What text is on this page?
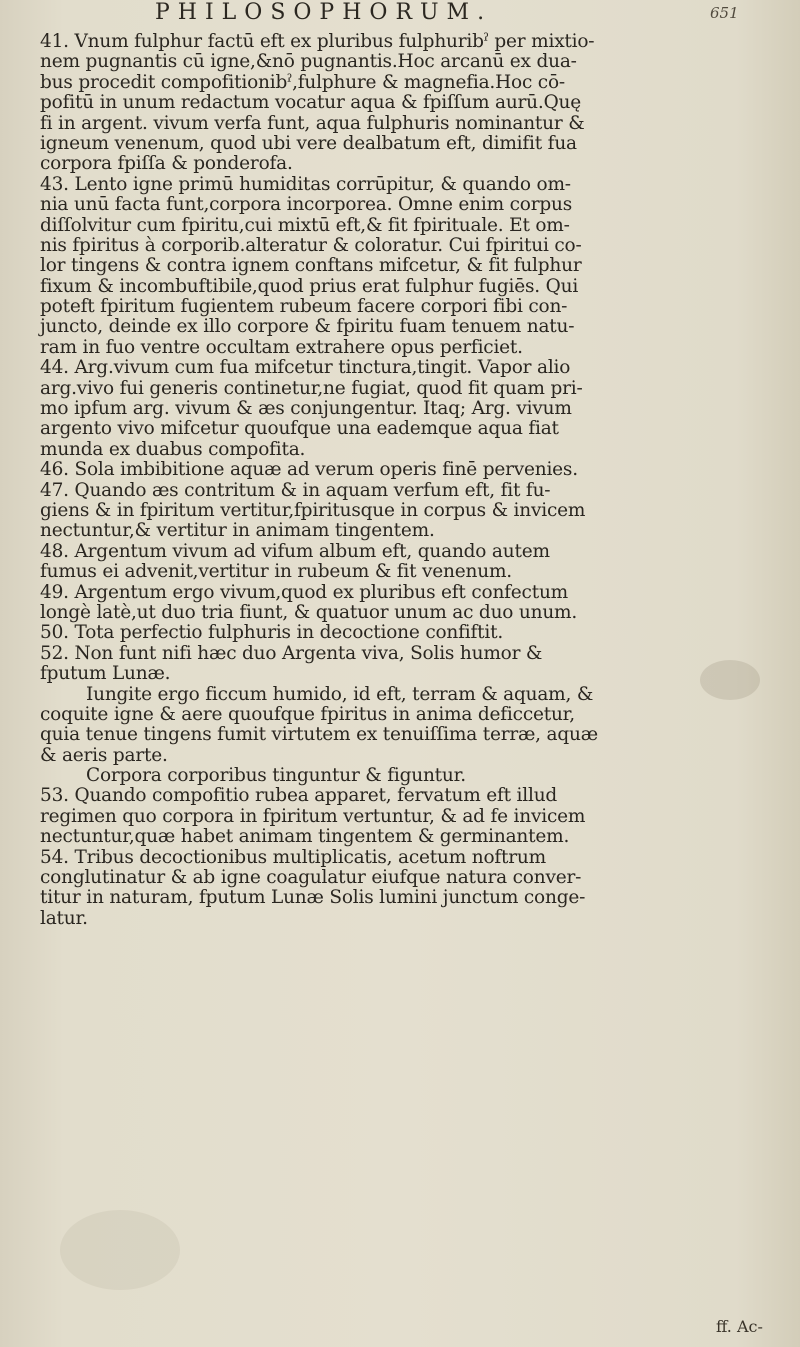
PHILOSOPHORUM.	651
41. Vnum fulphur factū eft ex pluribus fulphuribˀ per mixtio-
nem pugnantis cū igne,&nō pugnantis.Hoc arcanū ex dua-
bus procedit compofitionibˀ,fulphure & magnefia.Hoc cō-
pofitū in unum redactum vocatur aqua & fpiſſum aurū.Quę
fi in argent. vivum verfa funt, aqua fulphuris nominantur &
igneum venenum, quod ubi vere dealbatum eft, dimifit fua
corpora fpiſſa & ponderofa.
43. Lento igne primū humiditas corrūpitur, & quando om-
nia unū facta funt,corpora incorporea. Omne enim corpus
diſſolvitur cum fpiritu,cui mixtū eft,& fit fpirituale. Et om-
nis fpiritus à corporib.alteratur & coloratur. Cui fpiritui co-
lor tingens & contra ignem conftans mifcetur, & fit fulphur
fixum & incombuftibile,quod prius erat fulphur fugiēs. Qui
poteft fpiritum fugientem rubeum facere corpori fibi con-
juncto, deinde ex illo corpore & fpiritu fuam tenuem natu-
ram in fuo ventre occultam extrahere opus perficiet.
44. Arg.vivum cum fua mifcetur tinctura,tingit. Vapor alio
arg.vivo fui generis continetur,ne fugiat, quod fit quam pri-
mo ipfum arg. vivum & æs conjungentur. Itaq; Arg. vivum
argento vivo mifcetur quoufque una eademque aqua fiat
munda ex duabus compofita.
46. Sola imbibitione aquæ ad verum operis finē pervenies.
47. Quando æs contritum & in aquam verfum eft, fit fu-
giens & in fpiritum vertitur,fpiritusque in corpus & invicem
nectuntur,& vertitur in animam tingentem.
48. Argentum vivum ad vifum album eft, quando autem
fumus ei advenit,vertitur in rubeum & fit venenum.
49. Argentum ergo vivum,quod ex pluribus eft confectum
longè latè,ut duo tria fiunt, & quatuor unum ac duo unum.
50. Tota perfectio fulphuris in decoctione confiftit.
52. Non funt nifi hæc duo Argenta viva, Solis humor &
fputum Lunæ.
Iungite ergo ficcum humido, id eft, terram & aquam, &
coquite igne & aere quoufque fpiritus in anima deficcetur,
quia tenue tingens fumit virtutem ex tenuiſſima terræ, aquæ
& aeris parte.
Corpora corporibus tinguntur & figuntur.
53. Quando compofitio rubea apparet, fervatum eft illud
regimen quo corpora in fpiritum vertuntur, & ad fe invicem
nectuntur,quæ habet animam tingentem & germinantem.
54. Tribus decoctionibus multiplicatis, acetum noftrum
conglutinatur & ab igne coagulatur eiufque natura conver-
titur in naturam, fputum Lunæ Solis lumini junctum conge-
latur.
ff. Ac-
